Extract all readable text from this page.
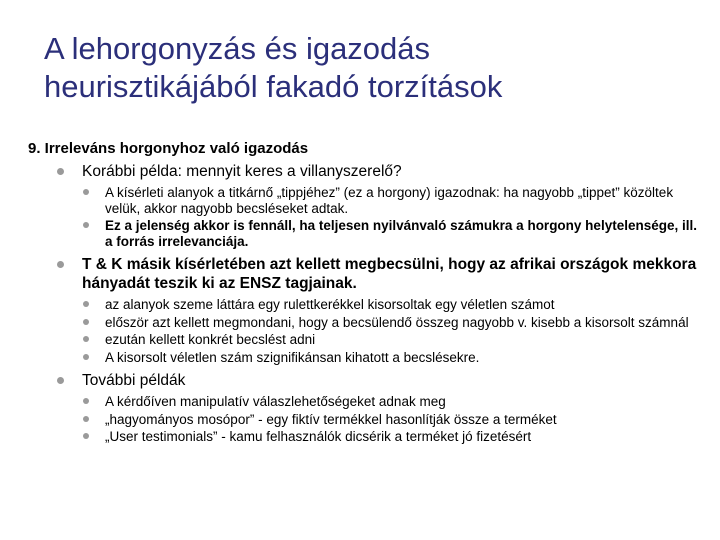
A lehorgonyzás és igazodás
heurisztikájából fakadó torzítások
9. Irreleváns horgonyhoz való igazodás
Korábbi példa: mennyit keres a villanyszerelő?
A kísérleti alanyok a titkárnő „tippjéhez” (ez a horgony) igazodnak: ha nagyobb „tippet” közöltek velük, akkor nagyobb becsléseket adtak.
Ez a jelenség akkor is fennáll, ha teljesen nyilvánvaló számukra a horgony helytelensége, ill. a forrás irrelevanciája.
T & K másik kísérletében azt kellett megbecsülni, hogy az afrikai országok mekkora hányadát teszik ki az ENSZ tagjainak.
az alanyok szeme láttára egy rulettkerékkel kisorsoltak egy véletlen számot
először azt kellett megmondani, hogy a becsülendő összeg nagyobb v. kisebb a kisorsolt számnál
ezután kellett konkrét becslést adni
A kisorsolt véletlen szám szignifikánsan kihatott a becslésekre.
További példák
A kérdőíven manipulatív válaszlehetőségeket adnak meg
„hagyományos mosópor” - egy fiktív termékkel hasonlítják össze a terméket
„User testimonials” - kamu felhasználók dicsérik a terméket jó fizetésért
